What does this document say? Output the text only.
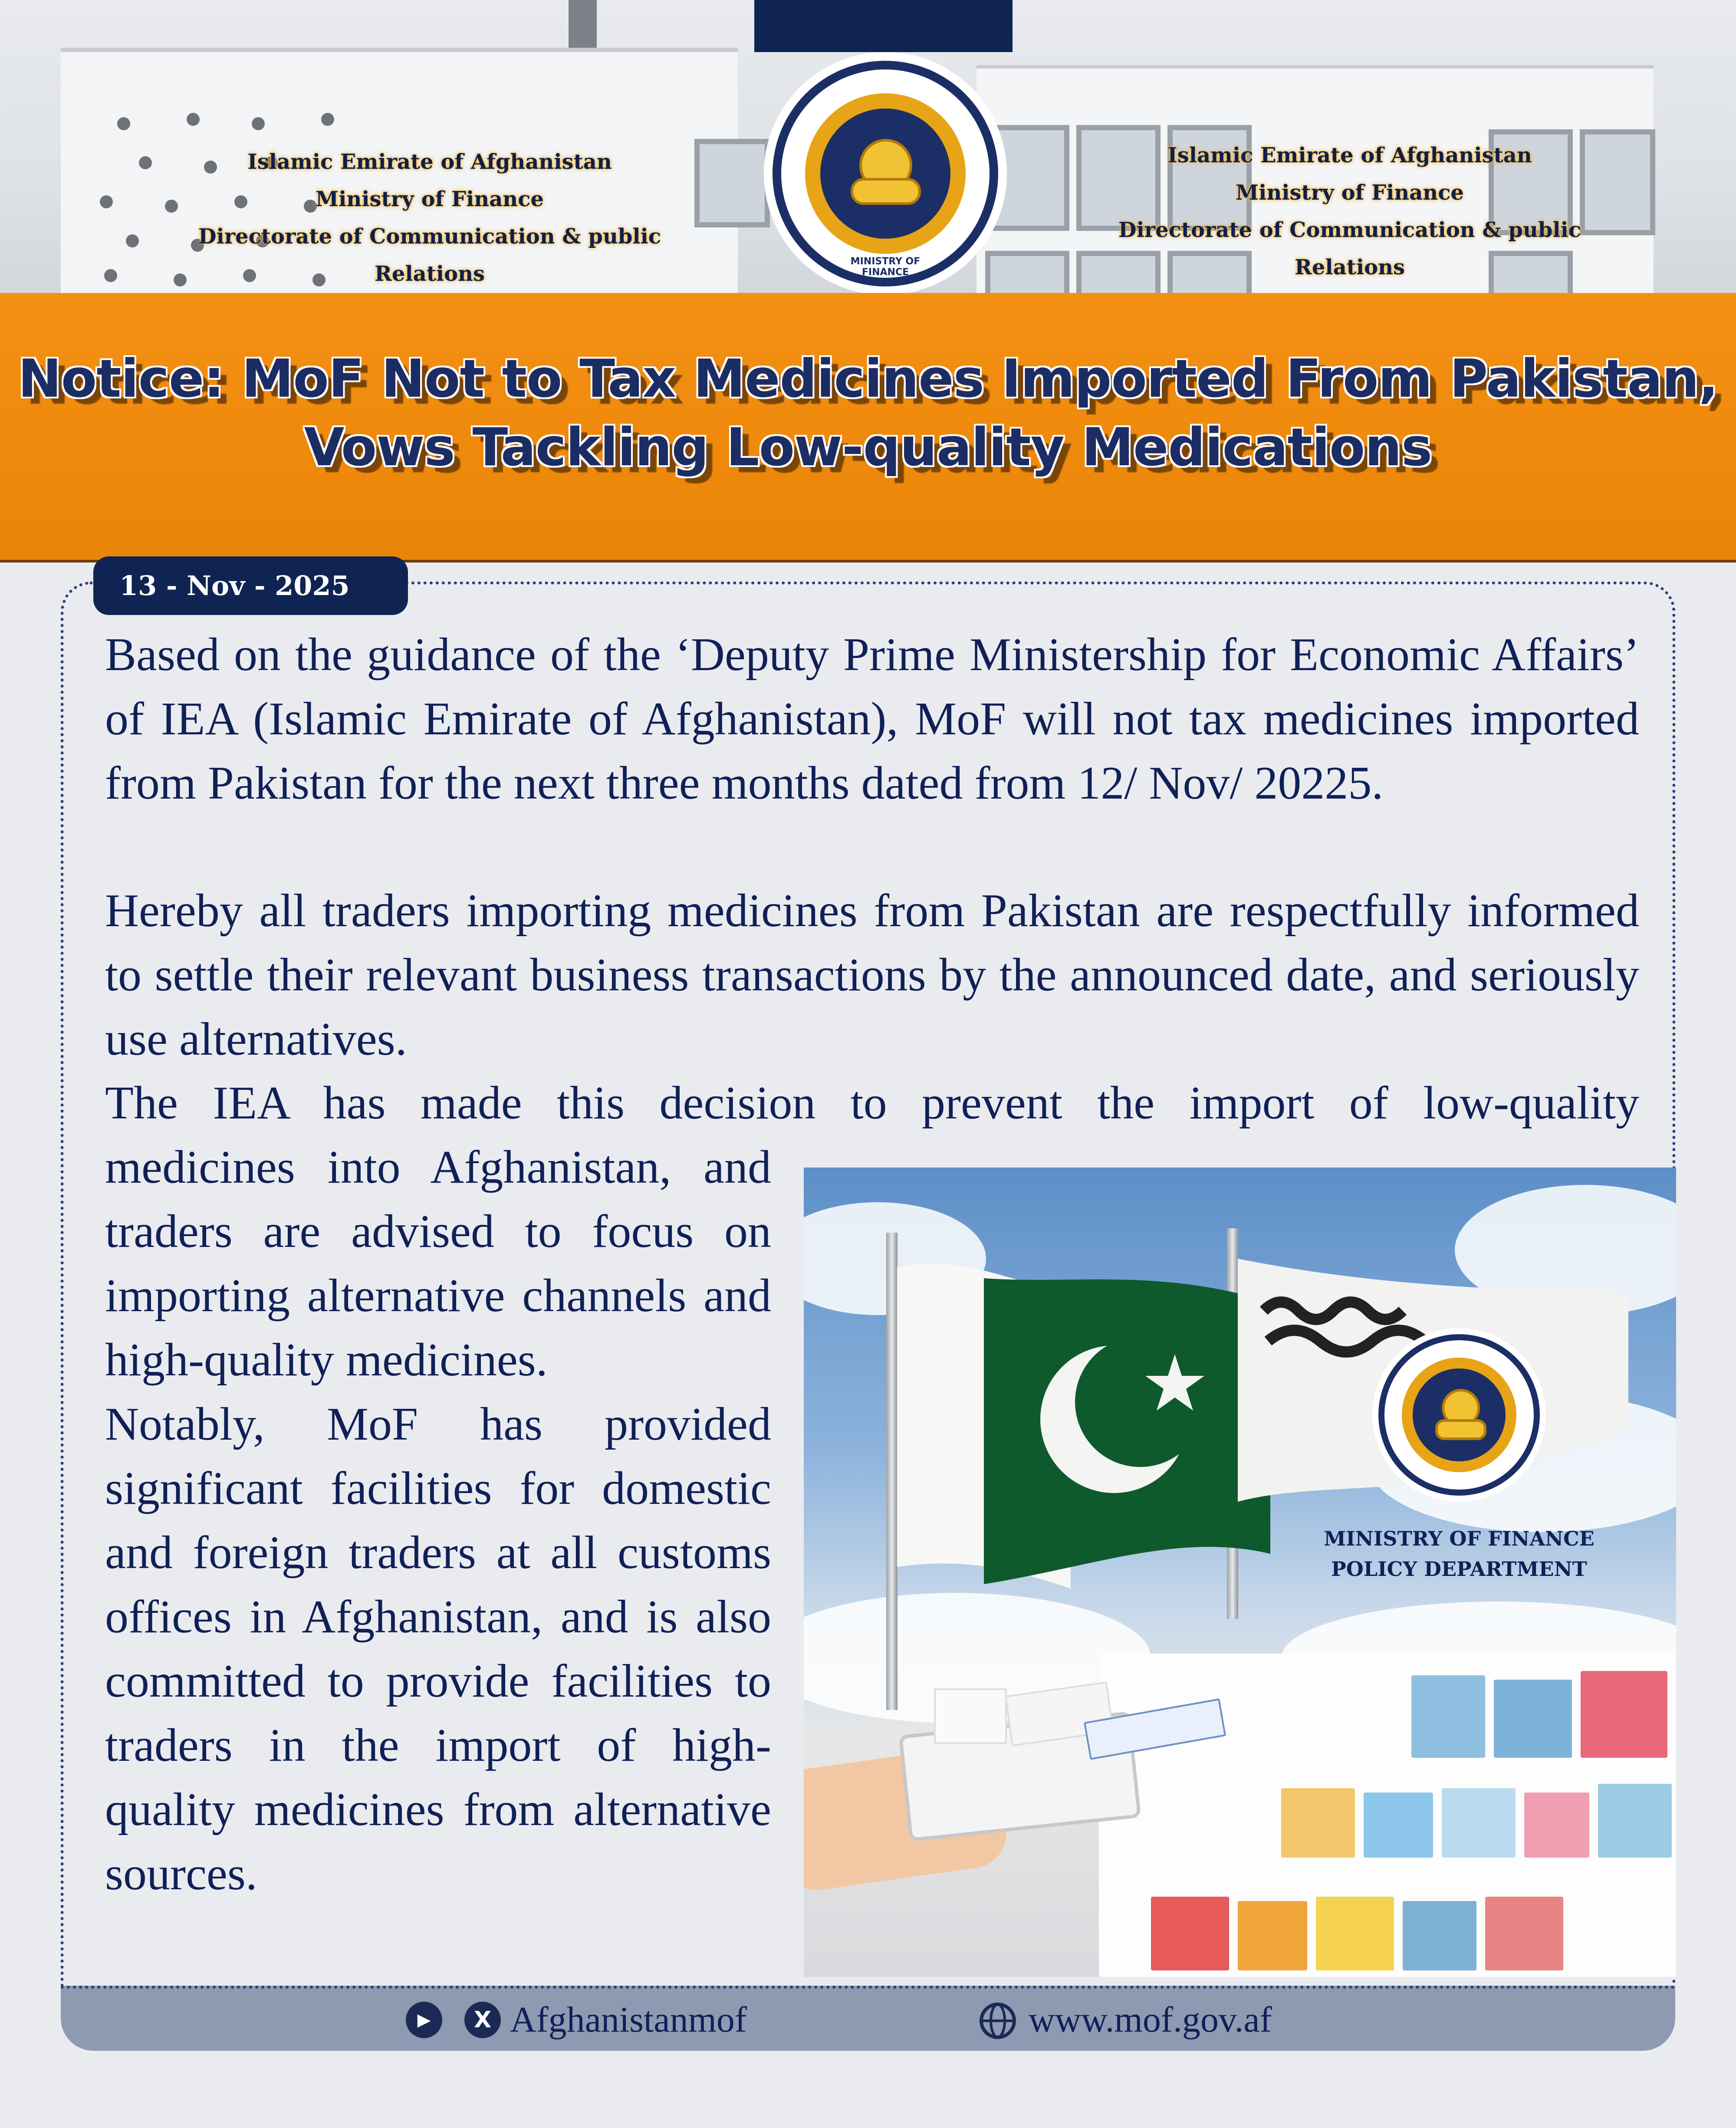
Islamic Emirate of Afghanistan
Ministry of Finance
Directorate of Communication & public Relations
Islamic Emirate of Afghanistan
Ministry of Finance
Directorate of Communication & public Relations
MINISTRY OF FINANCE
Notice: MoF Not to Tax Medicines Imported From Pakistan,
Vows Tackling Low-quality Medications
13 - Nov - 2025

Based on the guidance of the ‘Deputy Prime Ministership for Economic Affairs’ of IEA (Islamic Emirate of Afghanistan), MoF will not tax medicines imported from Pakistan for the next three months dated from 12/ Nov/ 20225.

Hereby all traders importing medicines from Pakistan are respectfully informed to settle their relevant business transactions by the announced date, and seriously use alternatives.

The IEA has made this decision to prevent the import of low-quality

medicines into Afghanistan, and traders are advised to focus on importing alternative channels and high-quality medicines.

Notably, MoF has provided significant facilities for domestic and foreign traders at all customs offices in Afghanistan, and is also committed to provide facilities to traders in the import of high-quality medicines from alternative sources.

MINISTRY OF FINANCE
POLICY DEPARTMENT
▶	X Afghanistanmof	www.mof.gov.af
